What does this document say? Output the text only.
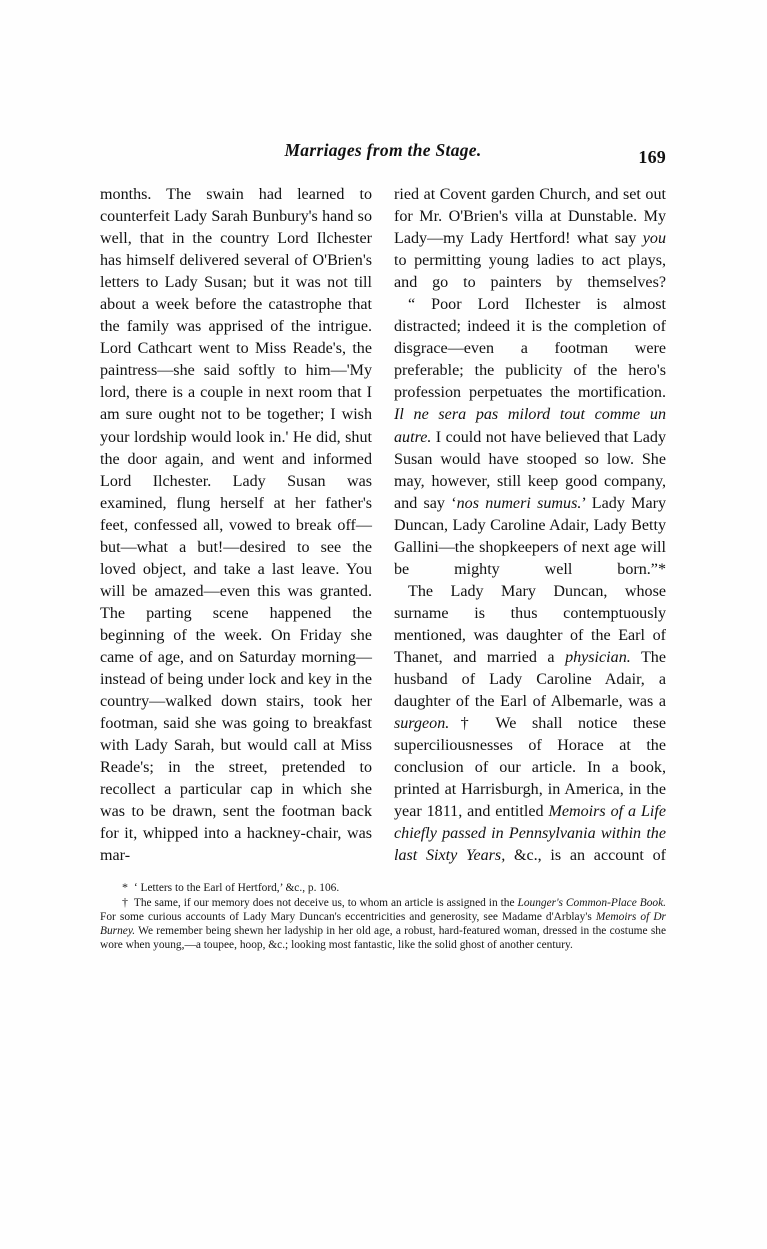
Marriages from the Stage.	169

months. The swain had learned to counterfeit Lady Sarah Bunbury's hand so well, that in the country Lord Ilchester has himself delivered several of O'Brien's letters to Lady Susan; but it was not till about a week before the catastrophe that the family was apprised of the intrigue. Lord Cathcart went to Miss Reade's, the paintress—she said softly to him—'My lord, there is a couple in next room that I am sure ought not to be together; I wish your lordship would look in.' He did, shut the door again, and went and informed Lord Ilchester. Lady Susan was examined, flung herself at her father's feet, confessed all, vowed to break off—but—what a but!—desired to see the loved object, and take a last leave. You will be amazed—even this was granted. The parting scene happened the beginning of the week. On Friday she came of age, and on Saturday morning—instead of being under lock and key in the country—walked down stairs, took her footman, said she was going to breakfast with Lady Sarah, but would call at Miss Reade's; in the street, pretended to recollect a particular cap in which she was to be drawn, sent the footman back for it, whipped into a hackney-chair, was mar-

ried at Covent garden Church, and set out for Mr. O'Brien's villa at Dunstable. My Lady—my Lady Hertford! what say you to permitting young ladies to act plays, and go to painters by themselves?

“ Poor Lord Ilchester is almost distracted; indeed it is the completion of disgrace—even a footman were preferable; the publicity of the hero's profession perpetuates the mortification. Il ne sera pas milord tout comme un autre. I could not have believed that Lady Susan would have stooped so low. She may, however, still keep good company, and say ‘nos numeri sumus.’ Lady Mary Duncan, Lady Caroline Adair, Lady Betty Gallini—the shopkeepers of next age will be mighty well born.”*

The Lady Mary Duncan, whose surname is thus contemptuously mentioned, was daughter of the Earl of Thanet, and married a physician. The husband of Lady Caroline Adair, a daughter of the Earl of Albemarle, was a surgeon.† We shall notice these superciliousnesses of Horace at the conclusion of our article. In a book, printed at Harrisburgh, in America, in the year 1811, and entitled Memoirs of a Life chiefly passed in Pennsylvania within the last Sixty Years, &c., is an account of

* ‘ Letters to the Earl of Hertford,’ &c., p. 106.

† The same, if our memory does not deceive us, to whom an article is assigned in the Lounger's Common-Place Book. For some curious accounts of Lady Mary Duncan's eccentricities and generosity, see Madame d'Arblay's Memoirs of Dr Burney. We remember being shewn her ladyship in her old age, a robust, hard-featured woman, dressed in the costume she wore when young,—a toupee, hoop, &c.; looking most fantastic, like the solid ghost of another century.
